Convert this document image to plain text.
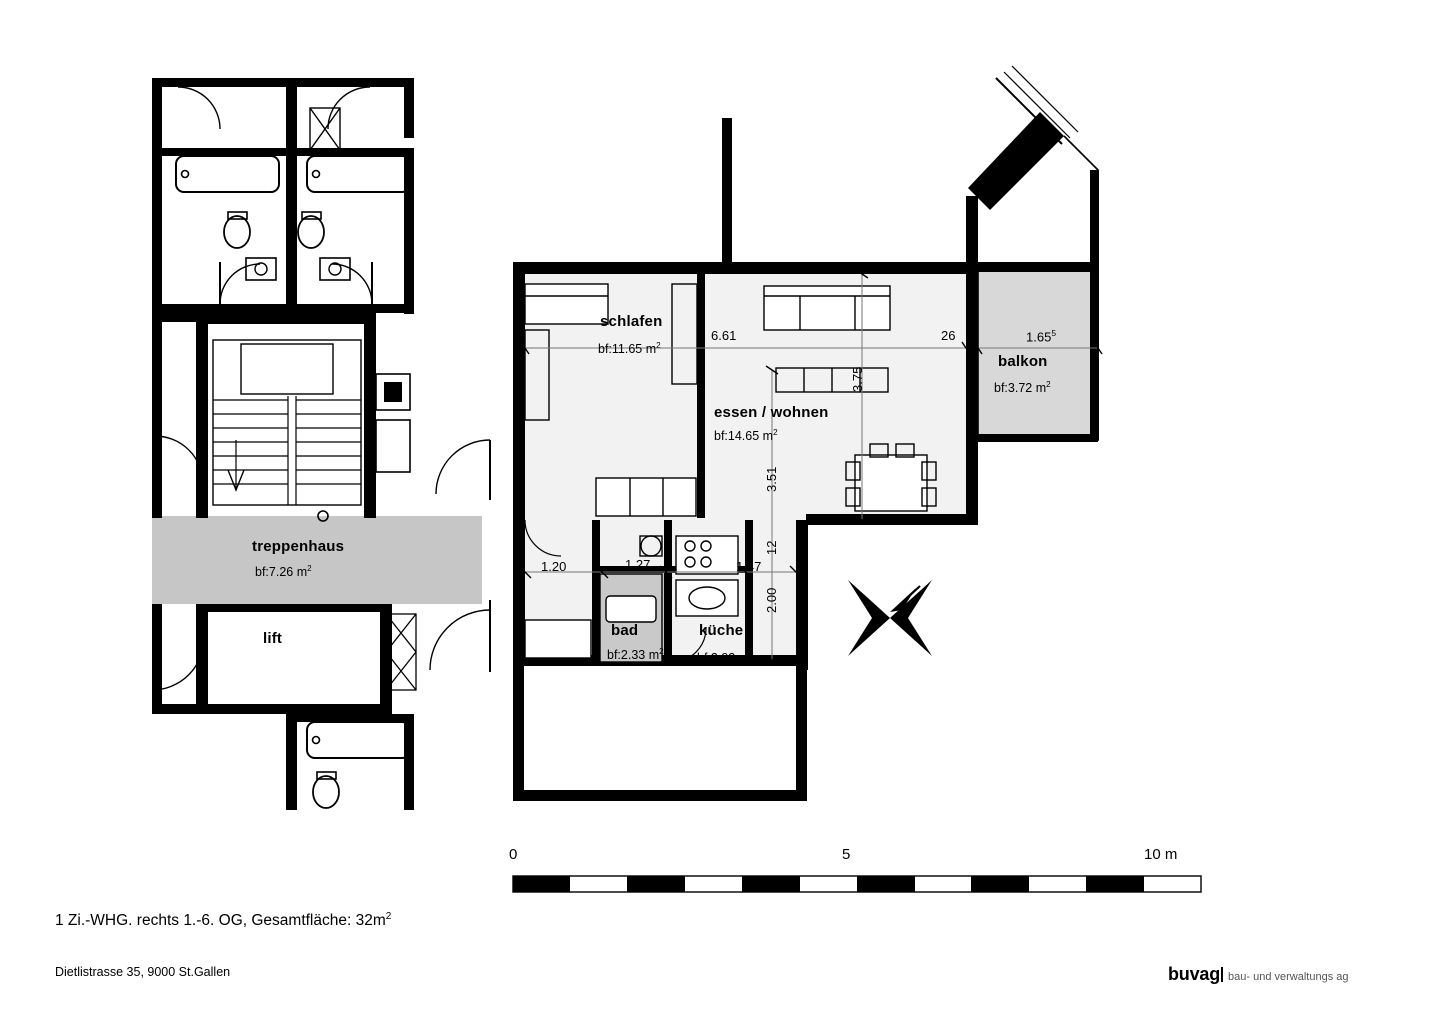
schlafen
bf:11.65 $m^2$
essen / wohnen
bf:14.65 $m^2$
balkon
bf:3.72 $m^2$
treppenhaus
bf:7.26 $m^2$
lift	bad
bf:2.33 $m^2$
küche
bf:2.92 $m^2$
6.61	26	1.65$^5$
1.20	1.27	1.47
3.75
3.51
12
2.00
0	5	10 m
1 Zi.-WHG. rechts 1.-6. OG, Gesamtfläche: $32m^2$
Dietlistrasse 35, 9000 St.Gallen	buvag bau- und verwaltungs ag
